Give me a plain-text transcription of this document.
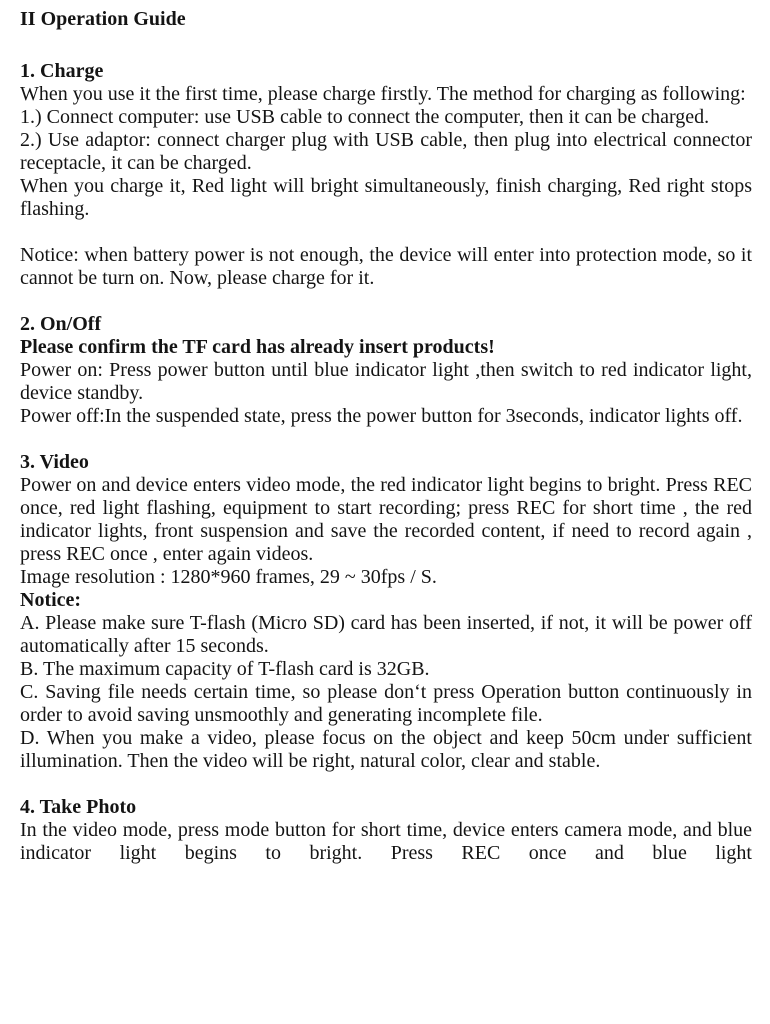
II Operation Guide

1. Charge

When you use it the first time, please charge firstly. The method for charging as following:

1.) Connect computer: use USB cable to connect the computer, then it can be charged.

2.) Use adaptor: connect charger plug with USB cable, then plug into electrical connector receptacle, it can be charged.

When you charge it, Red light will bright simultaneously, finish charging, Red right stops flashing.

Notice: when battery power is not enough, the device will enter into protection mode, so it cannot be turn on. Now, please charge for it.

2. On/Off

Please confirm the TF card has already insert products!

Power on: Press power button until blue indicator light ,then switch to red indicator light, device standby.

Power off:In the suspended state, press the power button for 3seconds, indicator lights off.

3. Video

Power on and device enters video mode, the red indicator light begins to bright. Press REC once, red light flashing, equipment to start recording; press REC for short time , the red indicator lights, front suspension and save the recorded content, if need to record again , press REC once , enter again videos.

Image resolution : 1280*960 frames, 29 ~ 30fps / S.

Notice:

A. Please make sure T-flash (Micro SD) card has been inserted, if not, it will be power off automatically after 15 seconds.

B. The maximum capacity of T-flash card is 32GB.

C. Saving file needs certain time, so please donʻt press Operation button continuously in order to avoid saving unsmoothly and generating incomplete file.

D. When you make a video, please focus on the object and keep 50cm under sufficient illumination. Then the video will be right, natural color, clear and stable.

4. Take Photo

In the video mode, press mode button for short time, device enters camera mode, and blue indicator light begins to bright. Press REC once and blue light
